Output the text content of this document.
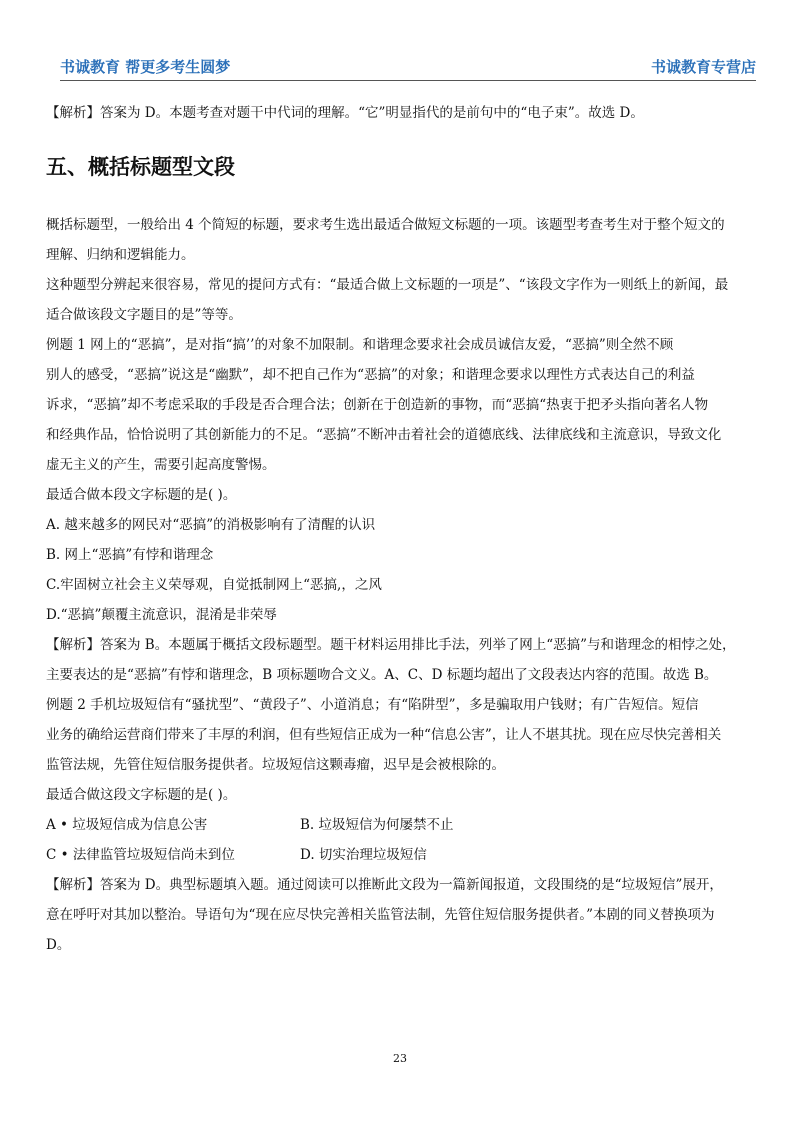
书诚教育 帮更多考生圆梦	书诚教育专营店

【解析】答案为 D。本题考查对题干中代词的理解。“它”明显指代的是前句中的“电子束”。故选 D。

五、概括标题型文段

概括标题型，一般给出 4 个简短的标题，要求考生选出最适合做短文标题的一项。该题型考查考生对于整个短文的

理解、归纳和逻辑能力。

这种题型分辨起来很容易，常见的提问方式有：“最适合做上文标题的一项是”、“该段文字作为一则纸上的新闻，最

适合做该段文字题目的是”等等。

例题 1 网上的“恶搞”，是对指“搞’’的对象不加限制。和谐理念要求社会成员诚信友爱，“恶搞”则全然不顾

别人的感受，“恶搞”说这是“幽默”，却不把自己作为“恶搞”的对象；和谐理念要求以理性方式表达自己的利益

诉求，“恶搞”却不考虑采取的手段是否合理合法；创新在于创造新的事物，而“恶搞“热衷于把矛头指向著名人物

和经典作品，恰恰说明了其创新能力的不足。“恶搞”不断冲击着社会的道德底线、法律底线和主流意识，导致文化

虚无主义的产生，需要引起高度警惕。

最适合做本段文字标题的是( )。

A. 越来越多的网民对“恶搞”的消极影响有了清醒的认识

B. 网上“恶搞”有悖和谐理念

C.牢固树立社会主义荣辱观，自觉抵制网上“恶搞,，之风

D.“恶搞”颠覆主流意识，混淆是非荣辱

【解析】答案为 B。本题属于概括文段标题型。题干材料运用排比手法，列举了网上“恶搞”与和谐理念的相悖之处，

主要表达的是“恶搞”有悖和谐理念，B 项标题吻合文义。A、C、D 标题均超出了文段表达内容的范围。故选 B。

例题 2 手机垃圾短信有“骚扰型”、“黄段子”、小道消息；有“陷阱型”，多是骗取用户钱财；有广告短信。短信

业务的确给运营商们带来了丰厚的利润，但有些短信正成为一种“信息公害”，让人不堪其扰。现在应尽快完善相关

监管法规，先管住短信服务提供者。垃圾短信这颗毒瘤，迟早是会被根除的。

最适合做这段文字标题的是( )。

A • 垃圾短信成为信息公害	B. 垃圾短信为何屡禁不止
C • 法律监管垃圾短信尚未到位	D. 切实治理垃圾短信

【解析】答案为 D。典型标题填入题。通过阅读可以推断此文段为一篇新闻报道，文段围绕的是“垃圾短信”展开，

意在呼吁对其加以整治。导语句为“现在应尽快完善相关监管法制，先管住短信服务提供者。”本剧的同义替换项为

D。

23
